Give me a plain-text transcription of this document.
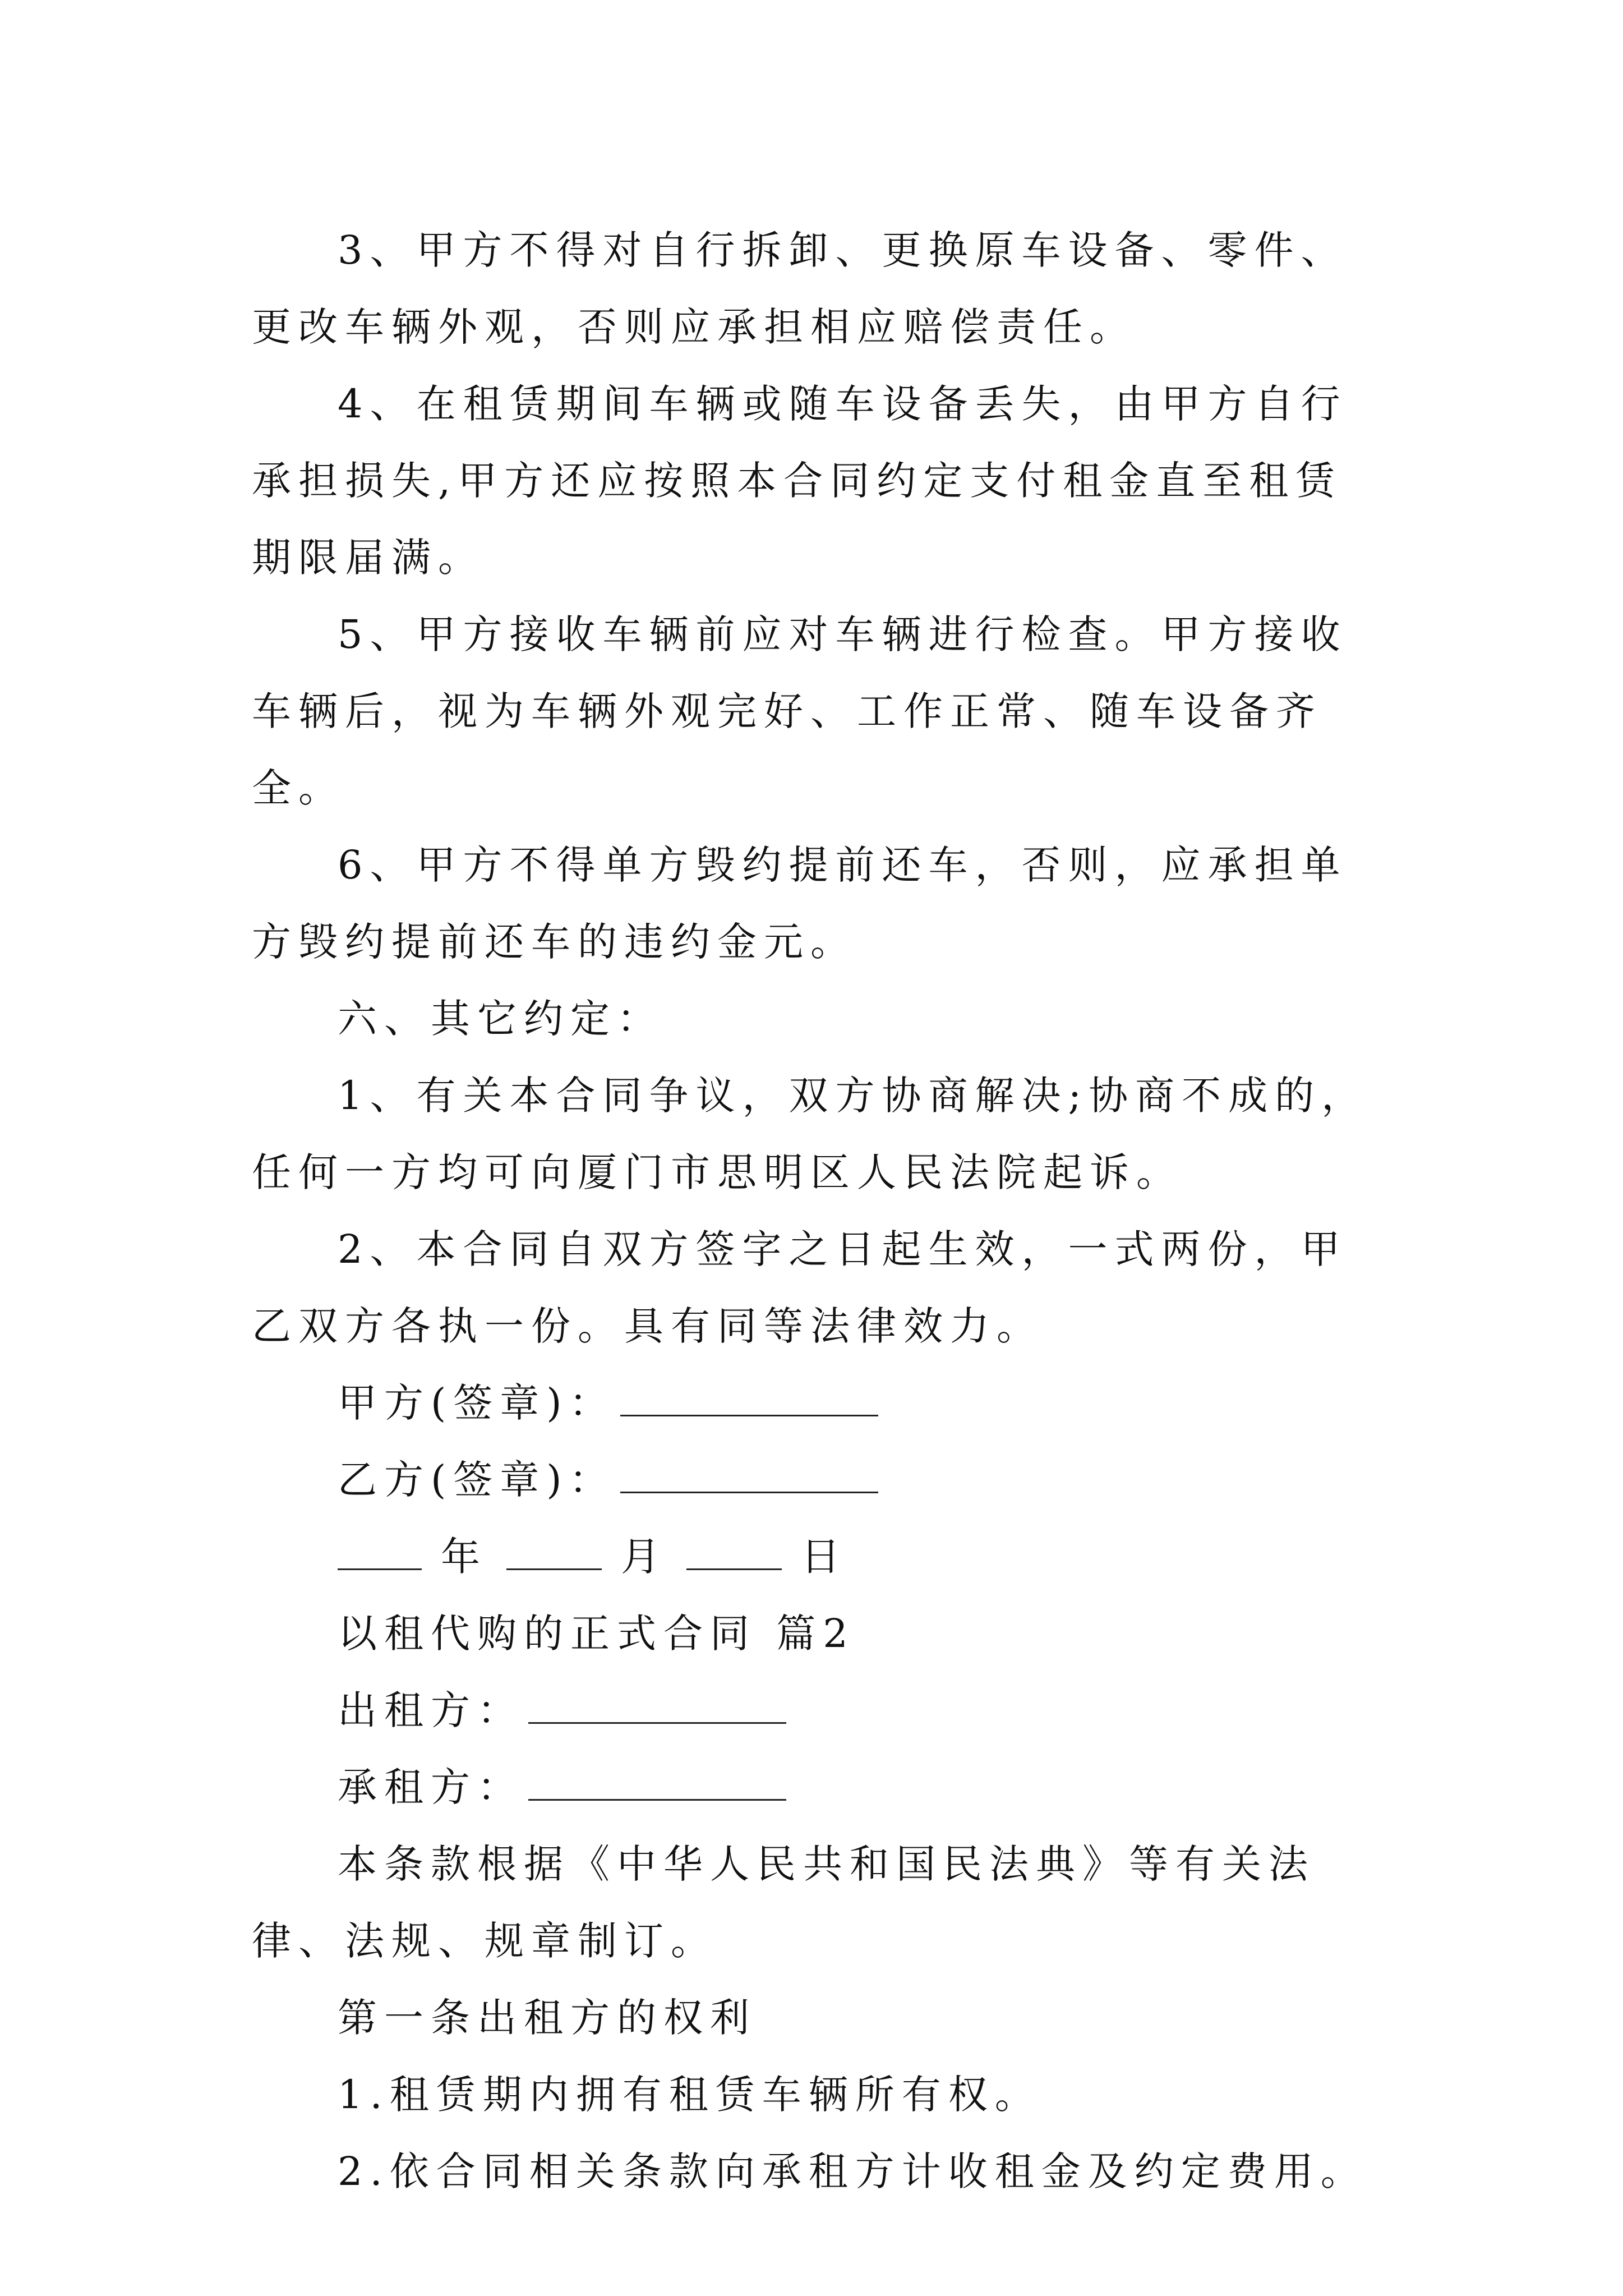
3、甲方不得对自行拆卸、更换原车设备、零件、更改车辆外观，否则应承担相应赔偿责任。

4、在租赁期间车辆或随车设备丢失，由甲方自行承担损失,甲方还应按照本合同约定支付租金直至租赁期限届满。

5、甲方接收车辆前应对车辆进行检查。甲方接收车辆后，视为车辆外观完好、工作正常、随车设备齐全。

6、甲方不得单方毁约提前还车，否则，应承担单方毁约提前还车的违约金元。

六、其它约定：

1、有关本合同争议，双方协商解决;协商不成的，任何一方均可向厦门市思明区人民法院起诉。

2、本合同自双方签字之日起生效，一式两份，甲乙双方各执一份。具有同等法律效力。

甲方(签章)：
乙方(签章)：
年	月	日
以租代购的正式合同 篇2
出租方：
承租方：

本条款根据《中华人民共和国民法典》等有关法律、法规、规章制订。

第一条出租方的权利
1.租赁期内拥有租赁车辆所有权。
2.依合同相关条款向承租方计收租金及约定费用。
